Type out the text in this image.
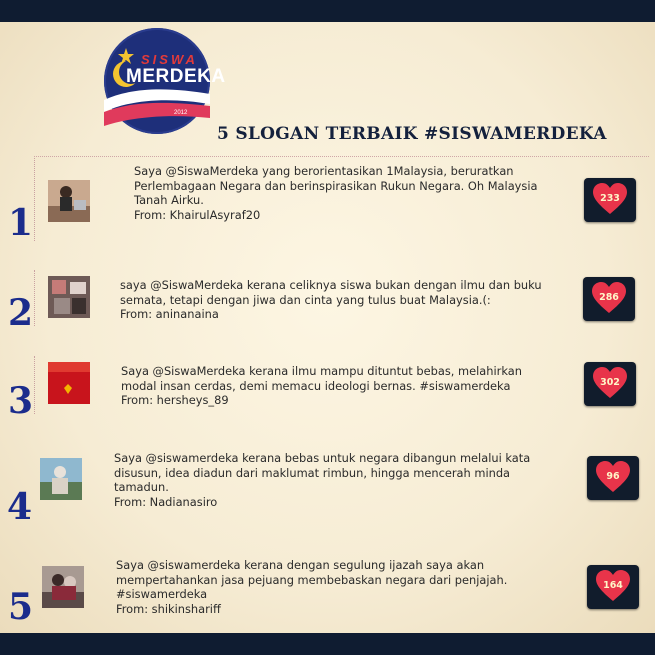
SISWA
MERDEKA
2012
5 SLOGAN TERBAIK #SISWAMERDEKA
1
Saya @SiswaMerdeka yang berorientasikan 1Malaysia, beruratkan
Perlembagaan Negara dan berinspirasikan Rukun Negara. Oh Malaysia
Tanah Airku.
From: KhairulAsyraf20
233
2
saya @SiswaMerdeka kerana celiknya siswa bukan dengan ilmu dan buku
semata, tetapi dengan jiwa dan cinta yang tulus buat Malaysia.(:
From: aninanaina
286
3
Saya @SiswaMerdeka kerana ilmu mampu dituntut bebas, melahirkan
modal insan cerdas, demi memacu ideologi bernas. #siswamerdeka
From: hersheys_89
302
4
Saya @siswamerdeka kerana bebas untuk negara dibangun melalui kata
disusun, idea diadun dari maklumat rimbun, hingga mencerah minda
tamadun.
From: Nadianasiro
96
5
Saya @siswamerdeka kerana dengan segulung ijazah saya akan
mempertahankan jasa pejuang membebaskan negara dari penjajah.
#siswamerdeka
From: shikinshariff
164
